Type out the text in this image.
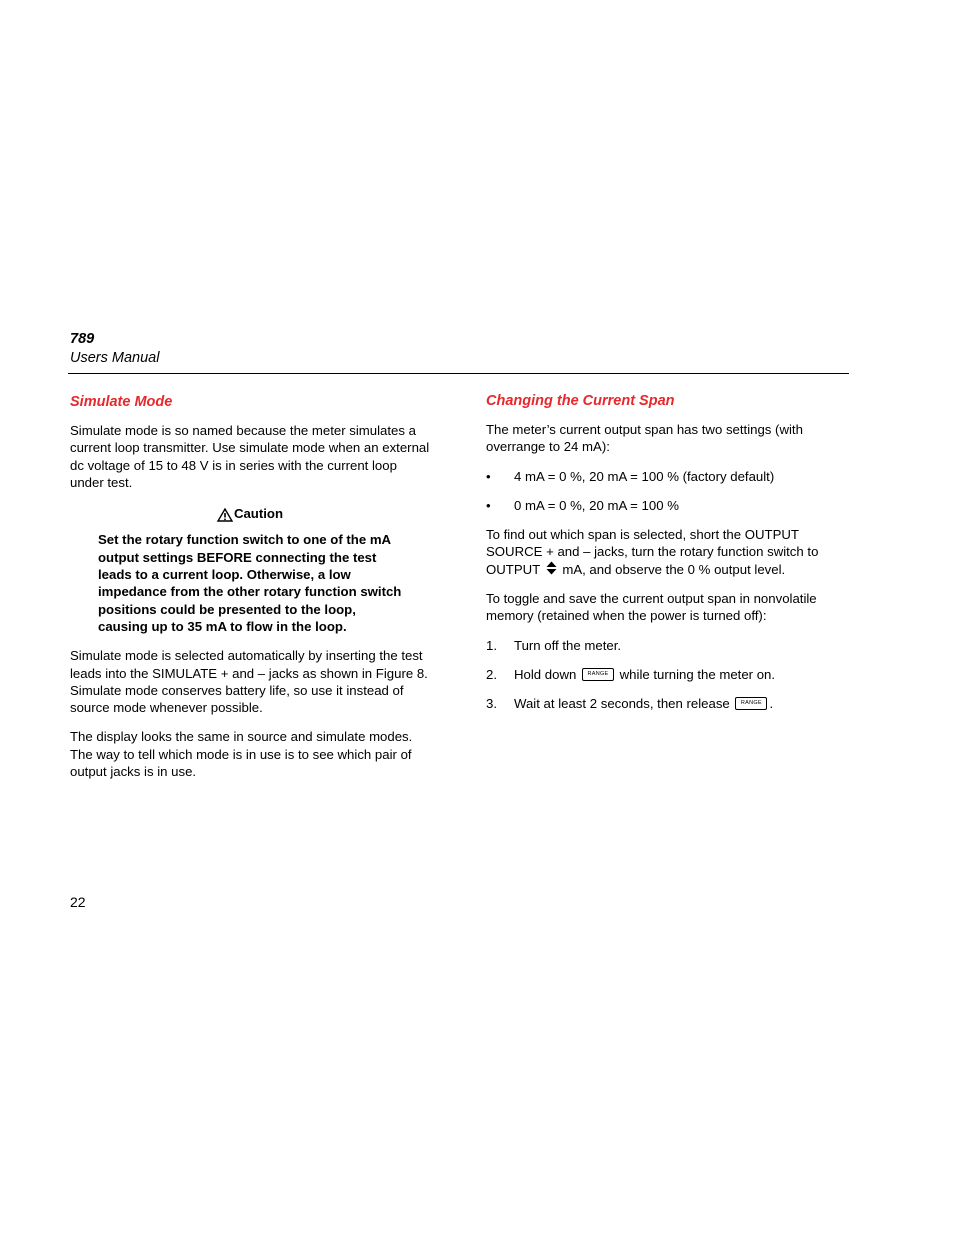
789
Users Manual
Simulate Mode

Simulate mode is so named because the meter simulates a current loop transmitter. Use simulate mode when an external dc voltage of 15 to 48 V is in series with the current loop under test.

Caution
Set the rotary function switch to one of the mA output settings BEFORE connecting the test leads to a current loop. Otherwise, a low impedance from the other rotary function switch positions could be presented to the loop, causing up to 35 mA to flow in the loop.

Simulate mode is selected automatically by inserting the test leads into the SIMULATE + and – jacks as shown in Figure 8. Simulate mode conserves battery life, so use it instead of source mode whenever possible.

The display looks the same in source and simulate modes. The way to tell which mode is in use is to see which pair of output jacks is in use.

Changing the Current Span

The meter’s current output span has two settings (with overrange to 24 mA):

•	4 mA = 0 %, 20 mA = 100 % (factory default)
•	0 mA = 0 %, 20 mA = 100 %

To find out which span is selected, short the OUTPUT SOURCE + and – jacks, turn the rotary function switch to OUTPUT mA, and observe the 0 % output level.

To toggle and save the current output span in nonvolatile memory (retained when the power is turned off):

1.	Turn off the meter.
2.	Hold down RANGE while turning the meter on.
3.	Wait at least 2 seconds, then release RANGE .
22
